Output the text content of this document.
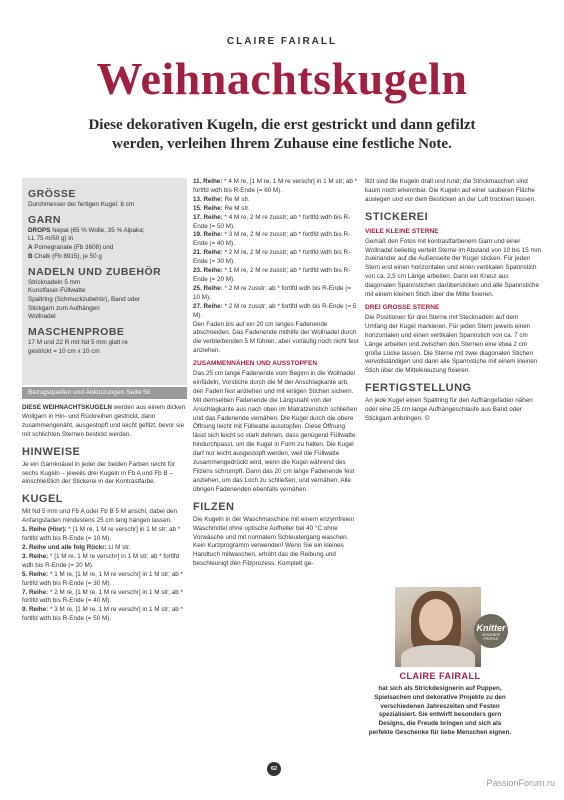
CLAIRE FAIRALL
Weihnachtskugeln

Diese dekorativen Kugeln, die erst gestrickt und dann gefilzt werden, verleihen Ihrem Zuhause eine festliche Note.

GRÖSSE

Durchmesser der fertigen Kugel: 8 cm

GARN

DROPS Nepal (65 % Wolle, 35 % Alpaka;

LL 75 m/50 g) in

A Pomegranate (Fb 3608) und

B Chalk (Fb 8915), je 50 g

NADELN UND ZUBEHÖR

Stricknadeln 5 mm

Kunstfaser-Füllwatte

Spaltring (Schmuckzubehör), Band oder

Stickgarn zum Aufhängen

Wollnadel

MASCHENPROBE

17 M und 22 R mit Nd 5 mm glatt re

gestrickt = 10 cm x 10 cm

Bezugsquellen und Abkürzungen Seite 50

DIESE WEIHNACHTSKUGELN werden aus einem dicken Wollgarn in Hin- und Rückreihen gestrickt, dann zusammengenäht, ausgestopft und leicht gefilzt, bevor sie mit schlichten Sternen bestickt werden.

HINWEISE

Je ein Garnknäuel in jeder der beiden Farben reicht für sechs Kugeln – jeweils drei Kugeln in Fb A und Fb B – einschließlich der Stickerei in der Kontrastfarbe.

KUGEL

Mit Nd 5 mm und Fb A oder Fb B 5 M anschl, dabei den Anfangsfaden mindestens 25 cm lang hängen lassen.

1. Reihe (Hinr): * [1 M re, 1 M re verschr] in 1 M str; ab * fortlfd wdh bis R-Ende (= 10 M).

2. Reihe und alle folg Rückr: Li M str.

3. Reihe: * [1 M re, 1 M re verschr] in 1 M str; ab * fortlfd wdh bis R-Ende (= 20 M).

5. Reihe: * 1 M re, [1 M re, 1 M re verschr] in 1 M str; ab * fortlfd wdh bis R-Ende (= 30 M).

7. Reihe: * 2 M re, [1 M re, 1 M re verschr] in 1 M str; ab * fortlfd wdh bis R-Ende (= 40 M).

9. Reihe: * 3 M re, [1 M re, 1 M re verschr] in 1 M str; ab * fortlfd wdh bis R-Ende (= 50 M).

11. Reihe: * 4 M re, [1 M re, 1 M re verschr] in 1 M str; ab * fortlfd wdh bis R-Ende (= 60 M).

13. Reihe: Re M str.

15. Reihe: Re M str.

17. Reihe: * 4 M re, 2 M re zusstr; ab * fortlfd wdh bis R-Ende (= 50 M).

19. Reihe: * 3 M re, 2 M re zusstr; ab * fortlfd wdh bis R-Ende (= 40 M).

21. Reihe: * 2 M re, 2 M re zusstr; ab * fortlfd wdh bis R-Ende (= 30 M).

23. Reihe: * 1 M re, 2 M re zusstr; ab * fortlfd wdh bis R-Ende (= 20 M).

25. Reihe: * 2 M re zusstr; ab * fortlfd wdh bis R-Ende (= 10 M).

27. Reihe: * 2 M re zusstr; ab * fortlfd wdh bis R-Ende (= 5 M).

Den Faden bis auf ein 20 cm langes Fadenende abschneiden. Das Fadenende mithilfe der Wollnadel durch die verbleibenden 5 M führen, aber vorläufig noch nicht fest anziehen.

ZUSAMMENNÄHEN UND AUSSTOPFEN

Das 25 cm lange Fadenende vom Beginn in die Wollnadel einfädeln, Vorstiche durch die M der Anschlagkante arb, den Faden fest anziehen und mit einigen Stichen sichern. Mit demselben Fadenende die Längsnaht von der Anschlagkante aus nach oben im Matratzenstich schließen und das Fadenende vernähen. Die Kugel durch die obere Öffnung leicht mit Füllwatte ausstopfen. Diese Öffnung lässt sich leicht so stark dehnen, dass genügend Füllwatte hindurchpasst, um die Kugel in Form zu halten. Die Kugel darf nur leicht ausgestopft werden, weil die Füllwatte zusammengedrückt wird, wenn die Kugel während des Filzens schrumpft. Dann das 20 cm lange Fadenende fest anziehen, um das Loch zu schließen, und vernähen. Alle übrigen Fadenenden ebenfalls vernähen.

FILZEN

Die Kugeln in der Waschmaschine mit einem enzymfreien Waschmittel ohne optische Aufheller bei 40 °C ohne Vorwäsche und mit normalem Schleudergang waschen. Kein Kurzprogramm verwenden! Wenn Sie ein kleines Handtuch mitwaschen, erhöht das die Reibung und beschleunigt den Filzprozess. Komplett ge-

filzt sind die Kugeln drall und rund; die Strickmaschen sind kaum noch erkennbar. Die Kugeln auf einer sauberen Fläche auslegen und vor dem Besticken an der Luft trocknen lassen.

STICKEREI
VIELE KLEINE STERNE

Gemäß den Fotos mit kontrastfarbenem Garn und einer Wollnadel beliebig verteilt Sterne im Abstand von 10 bis 15 mm zueinander auf die Außenseite der Kugel sticken. Für jeden Stern erst einen horizontalen und einen vertikalen Spannstich von ca. 2,5 cm Länge arbeiten. Dann ein Kreuz aus diagonalen Spannstichen darübersticken und alle Spannstiche mit einem kleinen Stich über die Mitte fixieren.

DREI GROSSE STERNE

Die Positionen für drei Sterne mit Stecknadeln auf dem Umfang der Kugel markieren. Für jeden Stern jeweils einen horizontalen und einen vertikalen Spannstich von ca. 7 cm Länge arbeiten und zwischen den Sternen eine etwa 2 cm große Lücke lassen. Die Sterne mit zwei diagonalen Stichen vervollständigen und dann alle Spannstiche mit einem kleinen Stich über die Mittelkreuzung fixieren.

FERTIGSTELLUNG

An jede Kugel einen Spaltring für den Aufhängefaden nähen oder eine 25 cm lange Aufhängeschlaufe aus Band oder Stickgarn anbringen. ❂

Knitter
DESIGNER PROFILE
CLAIRE FAIRALL

hat sich als Strickdesignerin auf Puppen, Spielsachen und dekorative Projekte zu den verschiedenen Jahreszeiten und Festen spezialisiert. Sie entwirft besonders gern Designs, die Freude bringen und sich als perfekte Geschenke für liebe Menschen eignen.

62
PassionForum.ru
